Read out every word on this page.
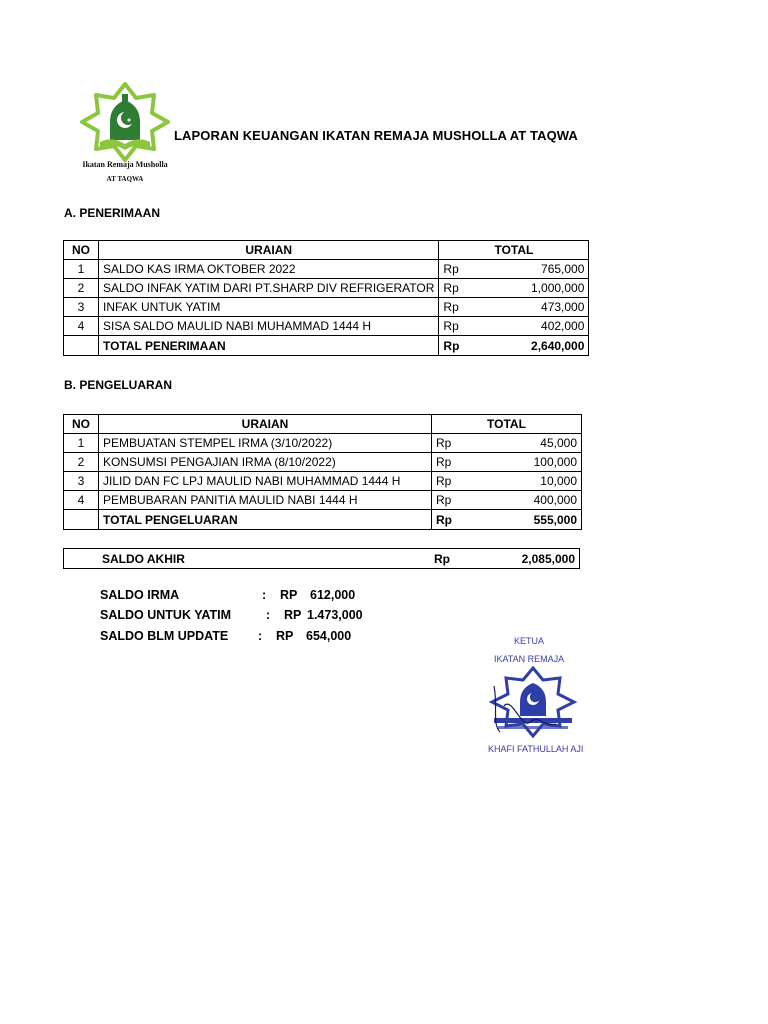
Ikatan Remaja Musholla
AT TAQWA
LAPORAN KEUANGAN IKATAN REMAJA MUSHOLLA AT TAQWA
A. PENERIMAAN
NO	URAIAN	TOTAL	
1	SALDO KAS IRMA OKTOBER 2022	Rp	765,000
2	SALDO INFAK YATIM DARI PT.SHARP DIV REFRIGERATOR	Rp	1,000,000
3	INFAK UNTUK YATIM	Rp	473,000
4	SISA SALDO MAULID NABI MUHAMMAD 1444 H	Rp	402,000
	TOTAL PENERIMAAN	Rp	2,640,000
B. PENGELUARAN
NO	URAIAN	TOTAL	
1	PEMBUATAN STEMPEL IRMA (3/10/2022)	Rp	45,000
2	KONSUMSI PENGAJIAN IRMA (8/10/2022)	Rp	100,000
3	JILID DAN FC LPJ MAULID NABI MUHAMMAD 1444 H	Rp	10,000
4	PEMBUBARAN PANITIA MAULID NABI 1444 H	Rp	400,000
	TOTAL PENGELUARAN	Rp	555,000
	SALDO AKHIR	Rp	2,085,000
SALDO IRMA	: RP 612,000
SALDO UNTUK YATIM	: RP 1.473,000
SALDO BLM UPDATE : RP 654,000	KETUA
IKATAN REMAJA
KHAFI FATHULLAH AJI
